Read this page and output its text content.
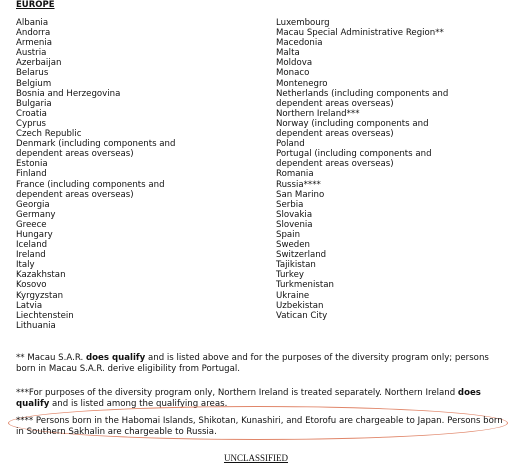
EUROPE
Albania
Andorra
Armenia
Austria
Azerbaijan
Belarus
Belgium
Bosnia and Herzegovina
Bulgaria
Croatia
Cyprus
Czech Republic
Denmark (including components and
dependent areas overseas)
Estonia
Finland
France (including components and
dependent areas overseas)
Georgia
Germany
Greece
Hungary
Iceland
Ireland
Italy
Kazakhstan
Kosovo
Kyrgyzstan
Latvia
Liechtenstein
Lithuania
Luxembourg
Macau Special Administrative Region**
Macedonia
Malta
Moldova
Monaco
Montenegro
Netherlands (including components and
dependent areas overseas)
Northern Ireland***
Norway (including components and
dependent areas overseas)
Poland
Portugal (including components and
dependent areas overseas)
Romania
Russia****
San Marino
Serbia
Slovakia
Slovenia
Spain
Sweden
Switzerland
Tajikistan
Turkey
Turkmenistan
Ukraine
Uzbekistan
Vatican City
** Macau S.A.R. does qualify and is listed above and for the purposes of the diversity program only; persons born in Macau S.A.R. derive eligibility from Portugal.
***For purposes of the diversity program only, Northern Ireland is treated separately. Northern Ireland does qualify and is listed among the qualifying areas.
**** Persons born in the Habomai Islands, Shikotan, Kunashiri, and Etorofu are chargeable to Japan. Persons born in Southern Sakhalin are chargeable to Russia.
UNCLASSIFIED
